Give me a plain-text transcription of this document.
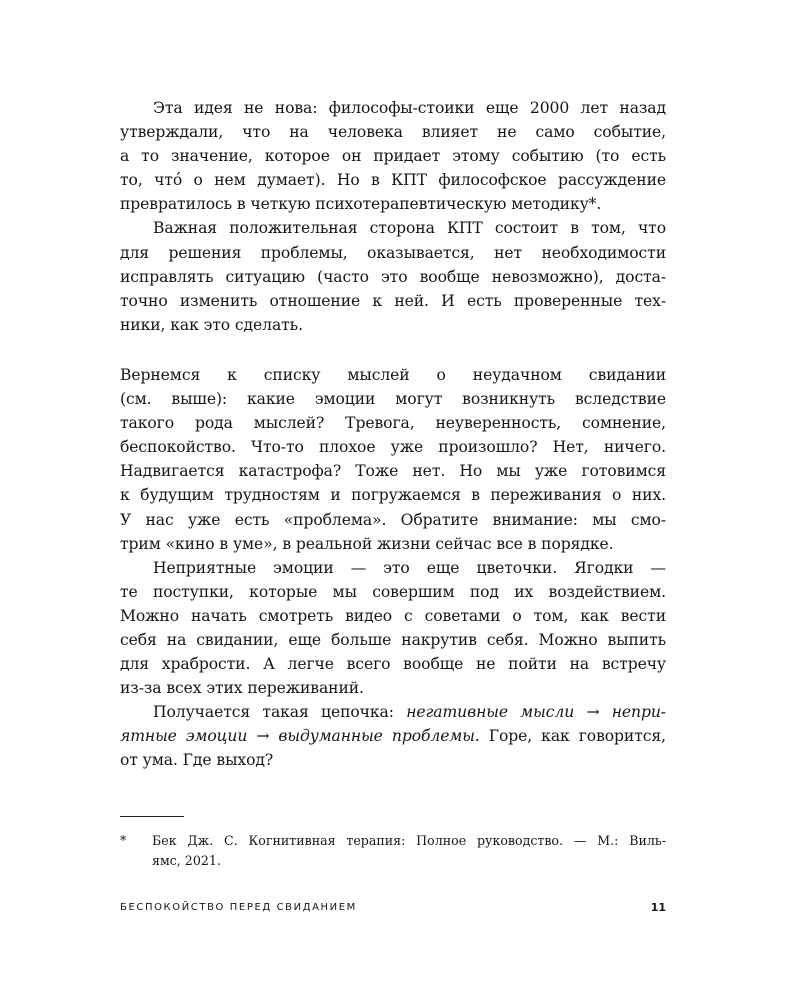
Эта идея не нова: философы-стоики еще 2000 лет назад

утверждали, что на человека влияет не само событие,

а то значение, которое он придает этому событию (то есть

то, чтó о нем думает). Но в КПТ философское рассуждение

превратилось в четкую психотерапевтическую методику*.

Важная положительная сторона КПТ состоит в том, что

для решения проблемы, оказывается, нет необходимости

исправлять ситуацию (часто это вообще невозможно), доста-

точно изменить отношение к ней. И есть проверенные тех-

ники, как это сделать.

Вернемся к списку мыслей о неудачном свидании

(см. выше): какие эмоции могут возникнуть вследствие

такого рода мыслей? Тревога, неуверенность, сомнение,

беспокойство. Что-то плохое уже произошло? Нет, ничего.

Надвигается катастрофа? Тоже нет. Но мы уже готовимся

к будущим трудностям и погружаемся в переживания о них.

У нас уже есть «проблема». Обратите внимание: мы смо-

трим «кино в уме», в реальной жизни сейчас все в порядке.

Неприятные эмоции — это еще цветочки. Ягодки —

те поступки, которые мы совершим под их воздействием.

Можно начать смотреть видео с советами о том, как вести

себя на свидании, еще больше накрутив себя. Можно выпить

для храбрости. А легче всего вообще не пойти на встречу

из-за всех этих переживаний.

Получается такая цепочка: негативные мысли → непри-

ятные эмоции → выдуманные проблемы. Горе, как говорится,

от ума. Где выход?

*	Бек Дж. С. Когнитивная терапия: Полное руководство. — М.: Виль-
ямс, 2021.
БЕСПОКОЙСТВО ПЕРЕД СВИДАНИЕМ	11
